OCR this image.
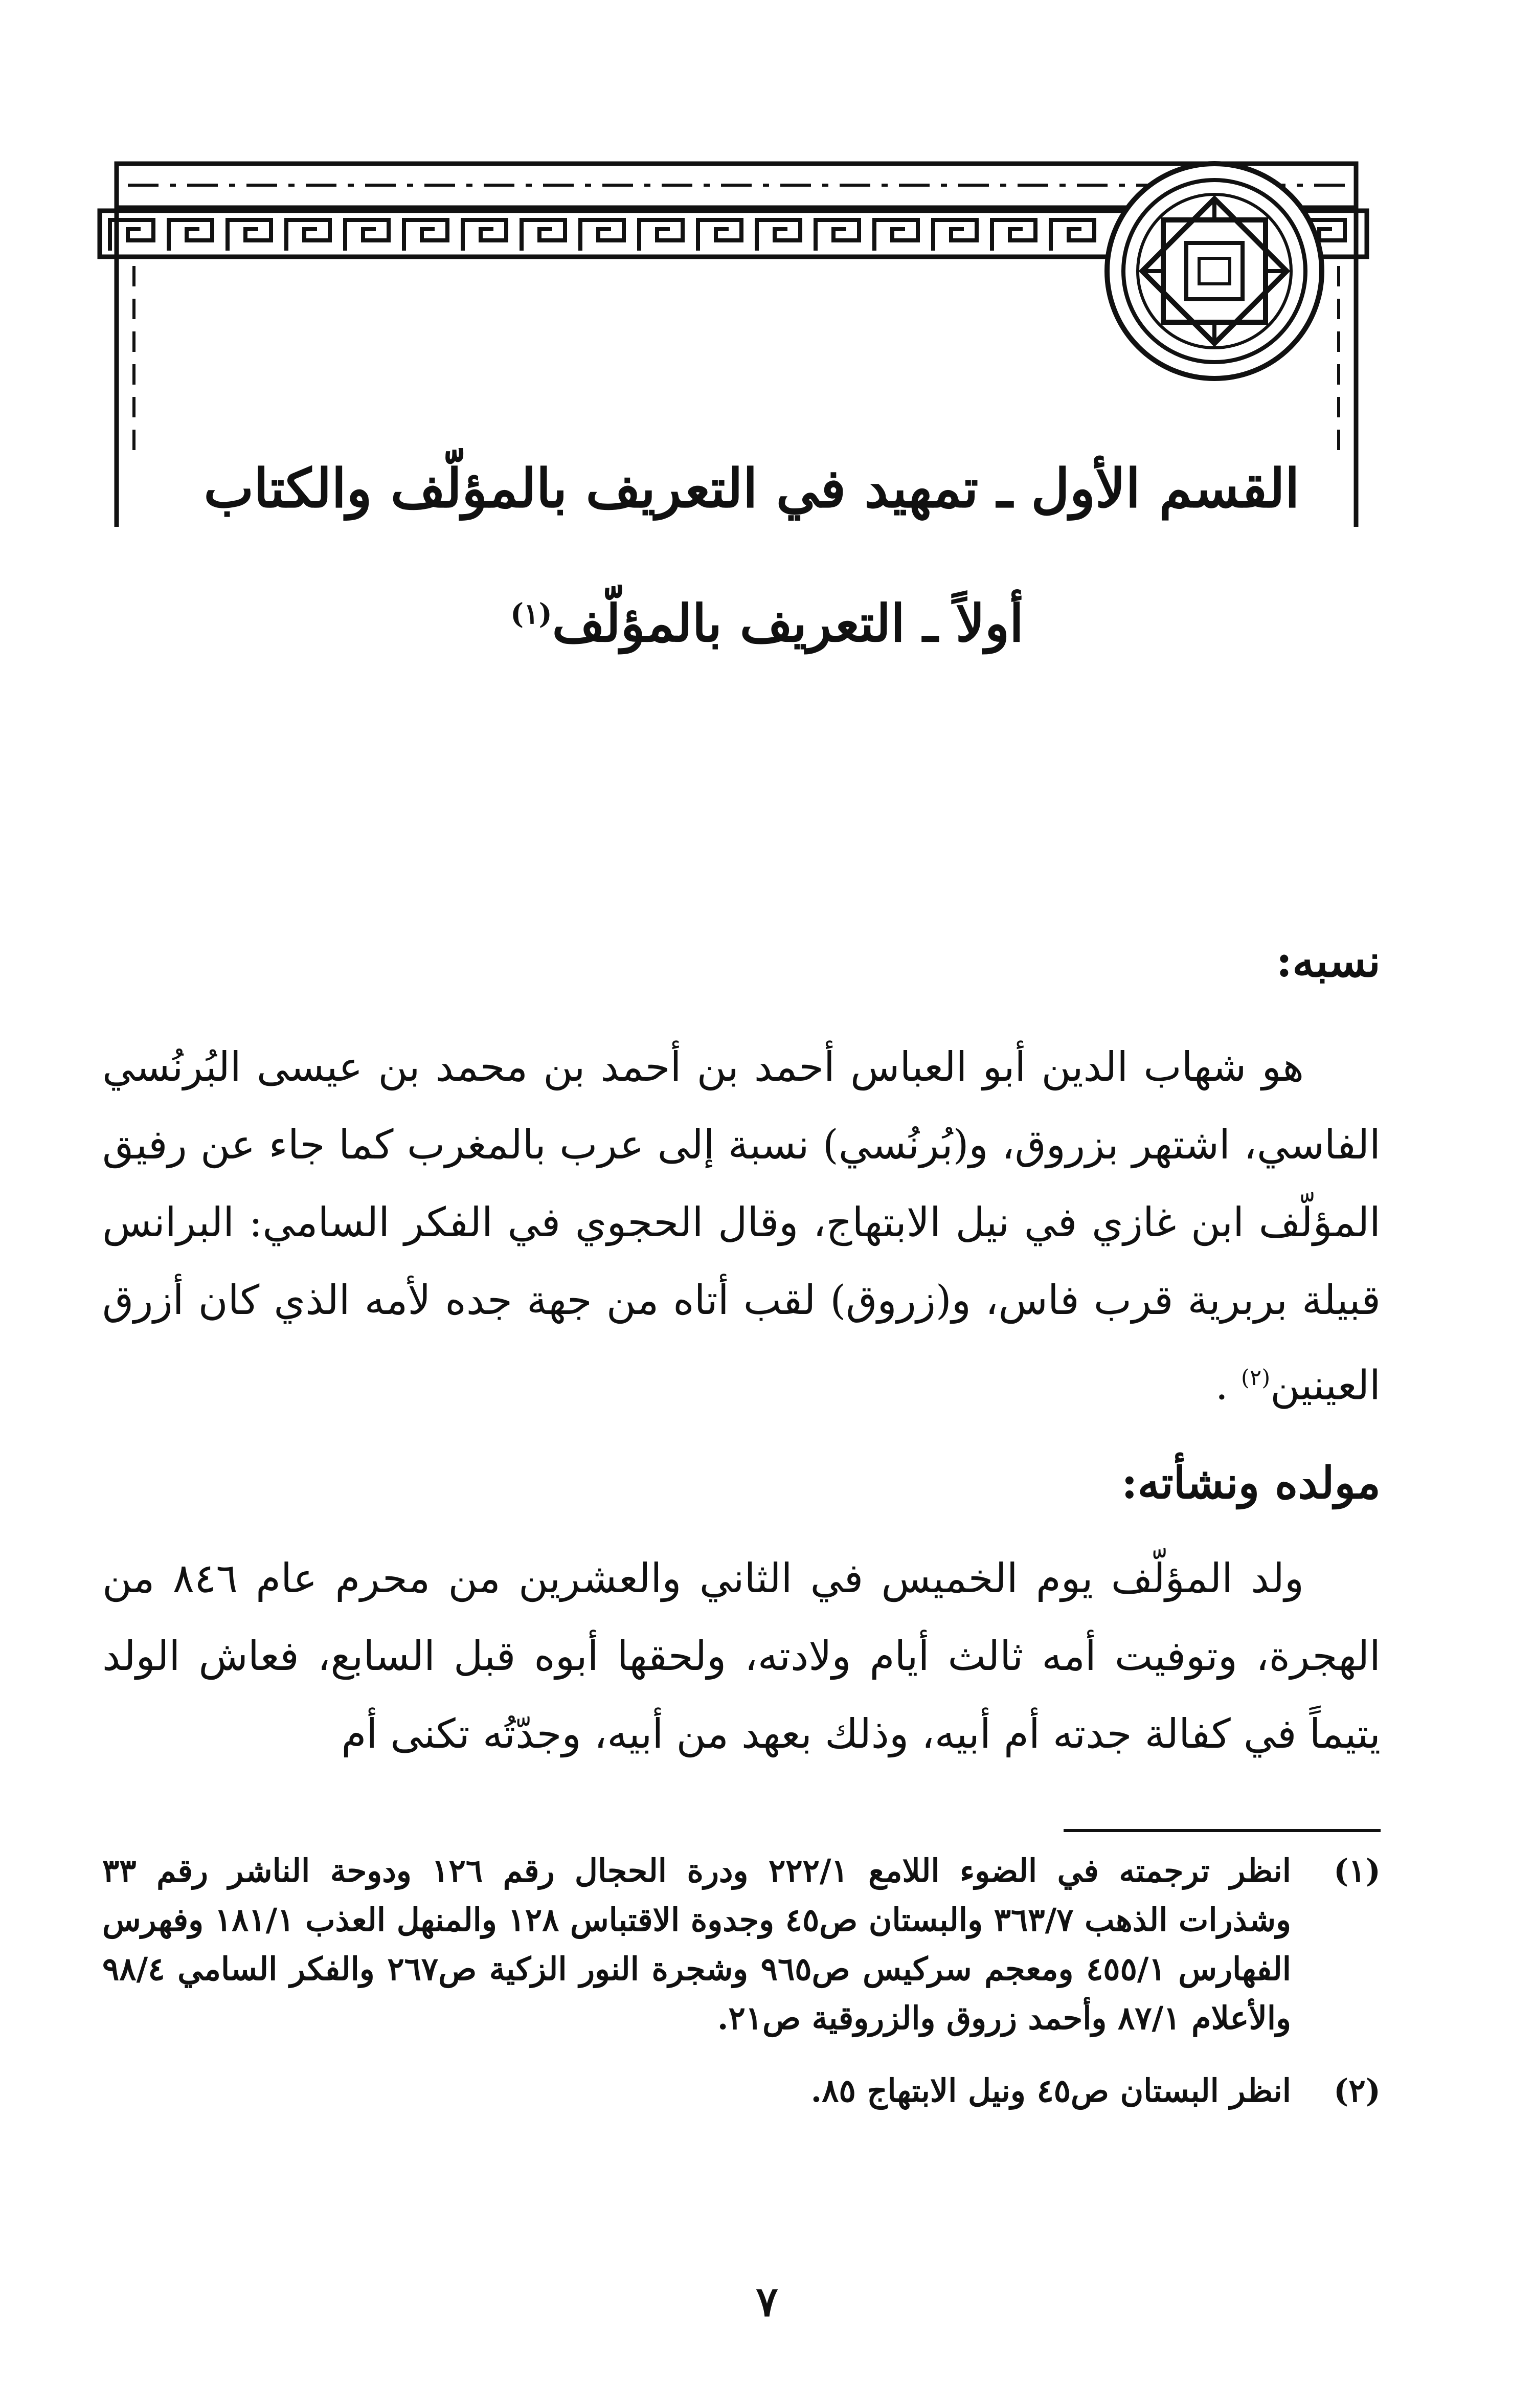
القسم الأول ـ تمهيد في التعريف بالمؤلّف والكتاب
أولاً ـ التعريف بالمؤلّف$^{(١)}$
نسبه:

هو شهاب الدين أبو العباس أحمد بن أحمد بن محمد بن عيسى البُرنُسي الفاسي، اشتهر بزروق، و(بُرنُسي) نسبة إلى عرب بالمغرب كما جاء عن رفيق المؤلّف ابن غازي في نيل الابتهاج، وقال الحجوي في الفكر السامي: البرانس قبيلة بربرية قرب فاس، و(زروق) لقب أتاه من جهة جده لأمه الذي كان أزرق العينين$^{(٢)}$ .

مولده ونشأته:

ولد المؤلّف يوم الخميس في الثاني والعشرين من محرم عام ٨٤٦ من الهجرة، وتوفيت أمه ثالث أيام ولادته، ولحقها أبوه قبل السابع، فعاش الولد يتيماً في كفالة جدته أم أبيه، وذلك بعهد من أبيه، وجدّتُه تكنى أم

(١)
انظر ترجمته في الضوء اللامع ٢٢٢/١ ودرة الحجال رقم ١٢٦ ودوحة الناشر رقم ٣٣ وشذرات الذهب ٣٦٣/٧ والبستان ص٤٥ وجدوة الاقتباس ١٢٨ والمنهل العذب ١٨١/١ وفهرس الفهارس ٤٥٥/١ ومعجم سركيس ص٩٦٥ وشجرة النور الزكية ص٢٦٧ والفكر السامي ٩٨/٤ والأعلام ٨٧/١ وأحمد زروق والزروقية ص٢١.
(٢)
انظر البستان ص٤٥ ونيل الابتهاج ٨٥.
٧
